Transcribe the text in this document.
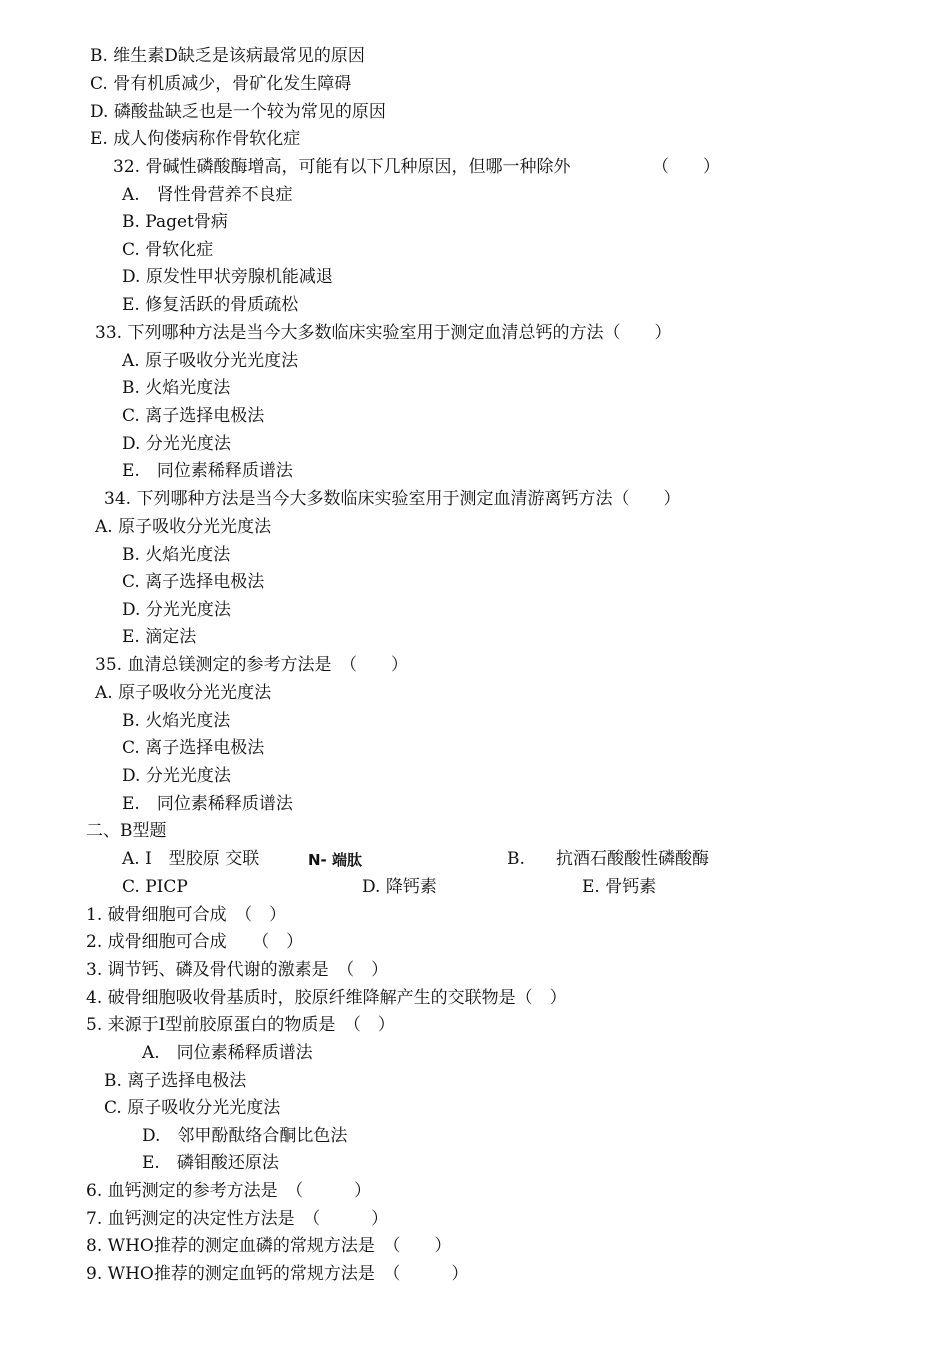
B. 维生素D缺乏是该病最常见的原因
C. 骨有机质减少，骨矿化发生障碍
D. 磷酸盐缺乏也是一个较为常见的原因
E. 成人佝偻病称作骨软化症
32. 骨碱性磷酸酶增高，可能有以下几种原因，但哪一种除外	（　　）
A.　肾性骨营养不良症
B. Paget骨病
C. 骨软化症
D. 原发性甲状旁腺机能减退
E. 修复活跃的骨质疏松
33. 下列哪种方法是当今大多数临床实验室用于测定血清总钙的方法（　　）
A. 原子吸收分光光度法
B. 火焰光度法
C. 离子选择电极法
D. 分光光度法
E.　同位素稀释质谱法
34. 下列哪种方法是当今大多数临床实验室用于测定血清游离钙方法（　　）
A. 原子吸收分光光度法
B. 火焰光度法
C. 离子选择电极法
D. 分光光度法
E. 滴定法
35. 血清总镁测定的参考方法是　（　　）
A. 原子吸收分光光度法
B. 火焰光度法
C. 离子选择电极法
D. 分光光度法
E.　同位素稀释质谱法
二、B型题
A. Ⅰ　型胶原 交联	N- 端肽	B. 抗酒石酸酸性磷酸酶
C. PICP	D. 降钙素	E. 骨钙素
1. 破骨细胞可合成　（　）
2. 成骨细胞可合成　　（　）
3. 调节钙、磷及骨代谢的激素是　（　）
4. 破骨细胞吸收骨基质时，胶原纤维降解产生的交联物是（　）
5. 来源于Ⅰ型前胶原蛋白的物质是　（　）
A.　同位素稀释质谱法
B. 离子选择电极法
C. 原子吸收分光光度法
D.　邻甲酚酞络合酮比色法
E.　磷钼酸还原法
6. 血钙测定的参考方法是　（　　　）
7. 血钙测定的决定性方法是　（　　　）
8. WHO推荐的测定血磷的常规方法是　（　　）
9. WHO推荐的测定血钙的常规方法是　（　　　）
